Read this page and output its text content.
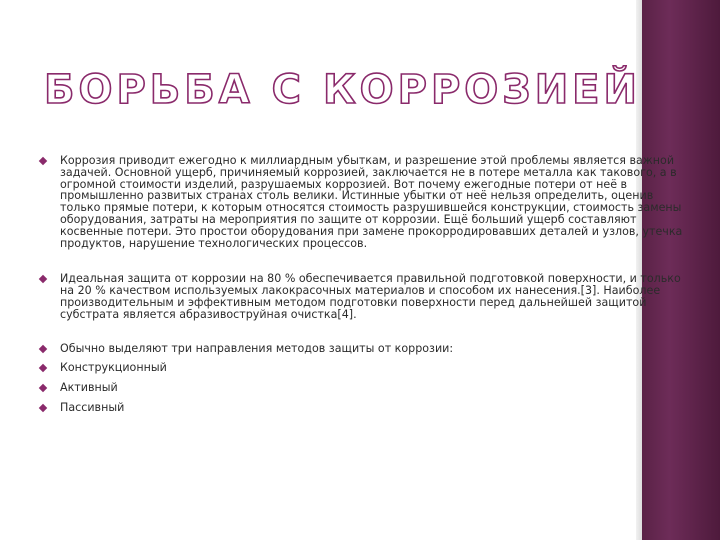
БОРЬБА С КОРРОЗИЕЙ
Коррозия приводит ежегодно к миллиардным убыткам, и разрешение этой проблемы является важной задачей. Основной ущерб, причиняемый коррозией, заключается не в потере металла как такового, а в огромной стоимости изделий, разрушаемых коррозией. Вот почему ежегодные потери от неё в промышленно развитых странах столь велики. Истинные убытки от неё нельзя определить, оценив только прямые потери, к которым относятся стоимость разрушившейся конструкции, стоимость замены оборудования, затраты на мероприятия по защите от коррозии. Ещё больший ущерб составляют косвенные потери. Это простои оборудования при замене прокорродировавших деталей и узлов, утечка продуктов, нарушение технологических процессов.
Идеальная защита от коррозии на 80 % обеспечивается правильной подготовкой поверхности, и только на 20 % качеством используемых лакокрасочных материалов и способом их нанесения.[3]. Наиболее производительным и эффективным методом подготовки поверхности перед дальнейшей защитой субстрата является абразивоструйная очистка[4].
Обычно выделяют три направления методов защиты от коррозии:
Конструкционный
Активный
Пассивный
